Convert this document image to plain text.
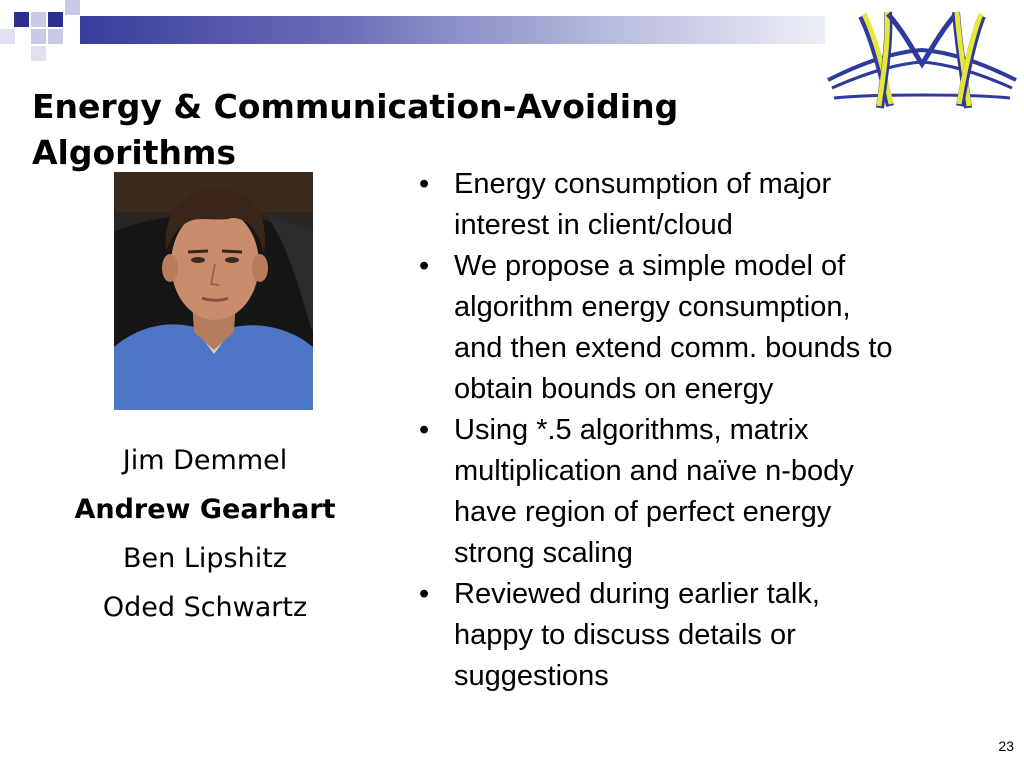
Energy & Communication-Avoiding
Algorithms
Jim Demmel
Andrew Gearhart
Ben Lipshitz
Oded Schwartz
• Energy consumption of major
interest in client/cloud
• We propose a simple model of
algorithm energy consumption,
and then extend comm. bounds to
obtain bounds on energy
• Using *.5 algorithms, matrix
multiplication and naïve n-body
have region of perfect energy
strong scaling
• Reviewed during earlier talk,
happy to discuss details or
suggestions
23
